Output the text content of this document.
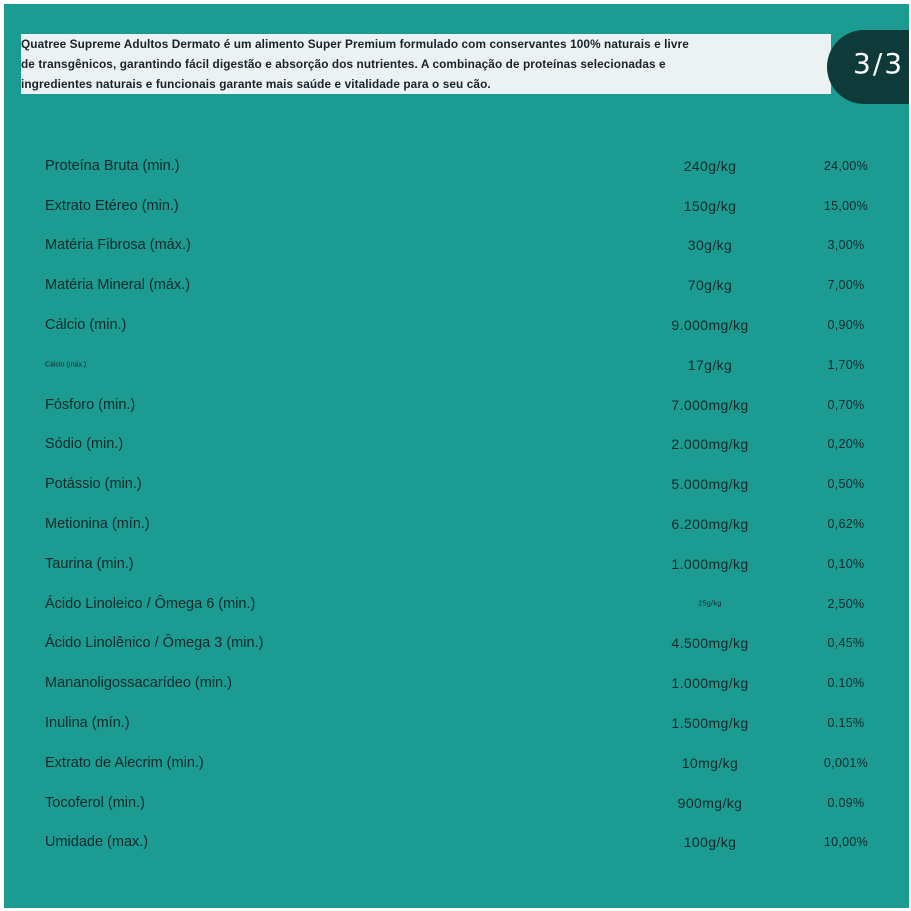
Quatree Supreme Adultos Dermato é um alimento Super Premium formulado com conservantes 100% naturais e livre
de transgênicos, garantindo fácil digestão e absorção dos nutrientes. A combinação de proteínas selecionadas e
ingredientes naturais e funcionais garante mais saúde e vitalidade para o seu cão.

3/3
Proteína Bruta (min.)	240g/kg	24,00%
Extrato Etéreo (min.)	150g/kg	15,00%
Matéria Fibrosa (máx.)	30g/kg	3,00%
Matéria Mineral (máx.)	70g/kg	7,00%
Cálcio (min.)	9.000mg/kg	0,90%
Cálcio (máx.)	17g/kg	1,70%
Fósforo (min.)	7.000mg/kg	0,70%
Sódio (min.)	2.000mg/kg	0,20%
Potássio (min.)	5.000mg/kg	0,50%
Metionina (mín.)	6.200mg/kg	0,62%
Taurina (min.)	1.000mg/kg	0,10%
Ácido Linoleico / Ômega 6 (min.)	25g/kg	2,50%
Ácido Linolênico / Ômega 3 (min.)	4.500mg/kg	0,45%
Mananoligossacarídeo (min.)	1.000mg/kg	0.10%
Inulina (mín.)	1.500mg/kg	0.15%
Extrato de Alecrim (min.)	10mg/kg	0,001%
Tocoferol (min.)	900mg/kg	0.09%
Umidade (max.)	100g/kg	10,00%
